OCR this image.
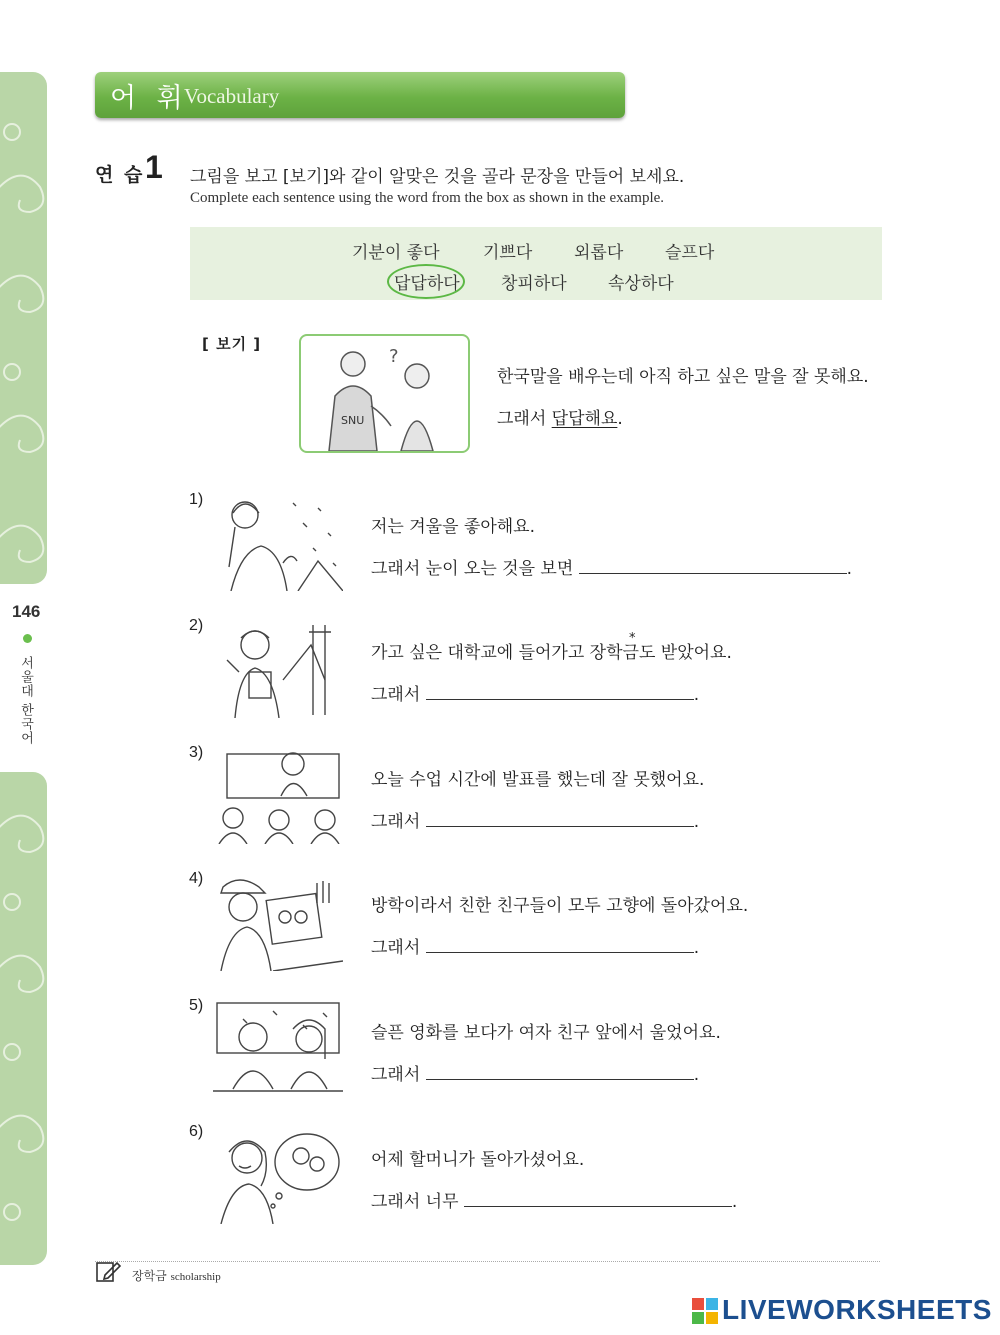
146
서울대 한국어
어 휘
Vocabulary
연 습 1 그림을 보고 [보기]와 같이 알맞은 것을 골라 문장을 만들어 보세요.
Complete each sentence using the word from the box as shown in the example.
기분이 좋다	기쁘다 외롭다 슬프다
답답하다 창피하다 속상하다
[ 보기 ]
?
SNU
한국말을 배우는데 아직 하고 싶은 말을 잘 못해요.
그래서 답답해요.
1)
저는 겨울을 좋아해요.
그래서 눈이 오는 것을 보면	.
2)
가고 싶은 대학교에 들어가고 장학금
*
도 받았어요.
그래서	.
3)
오늘 수업 시간에 발표를 했는데 잘 못했어요.
그래서	.
4)
방학이라서 친한 친구들이 모두 고향에 돌아갔어요.
그래서	.
5)
슬픈 영화를 보다가 여자 친구 앞에서 울었어요.
그래서	.
6)
어제 할머니가 돌아가셨어요.
그래서 너무	.
장학금 scholarship
LIVEWORKSHEETS
